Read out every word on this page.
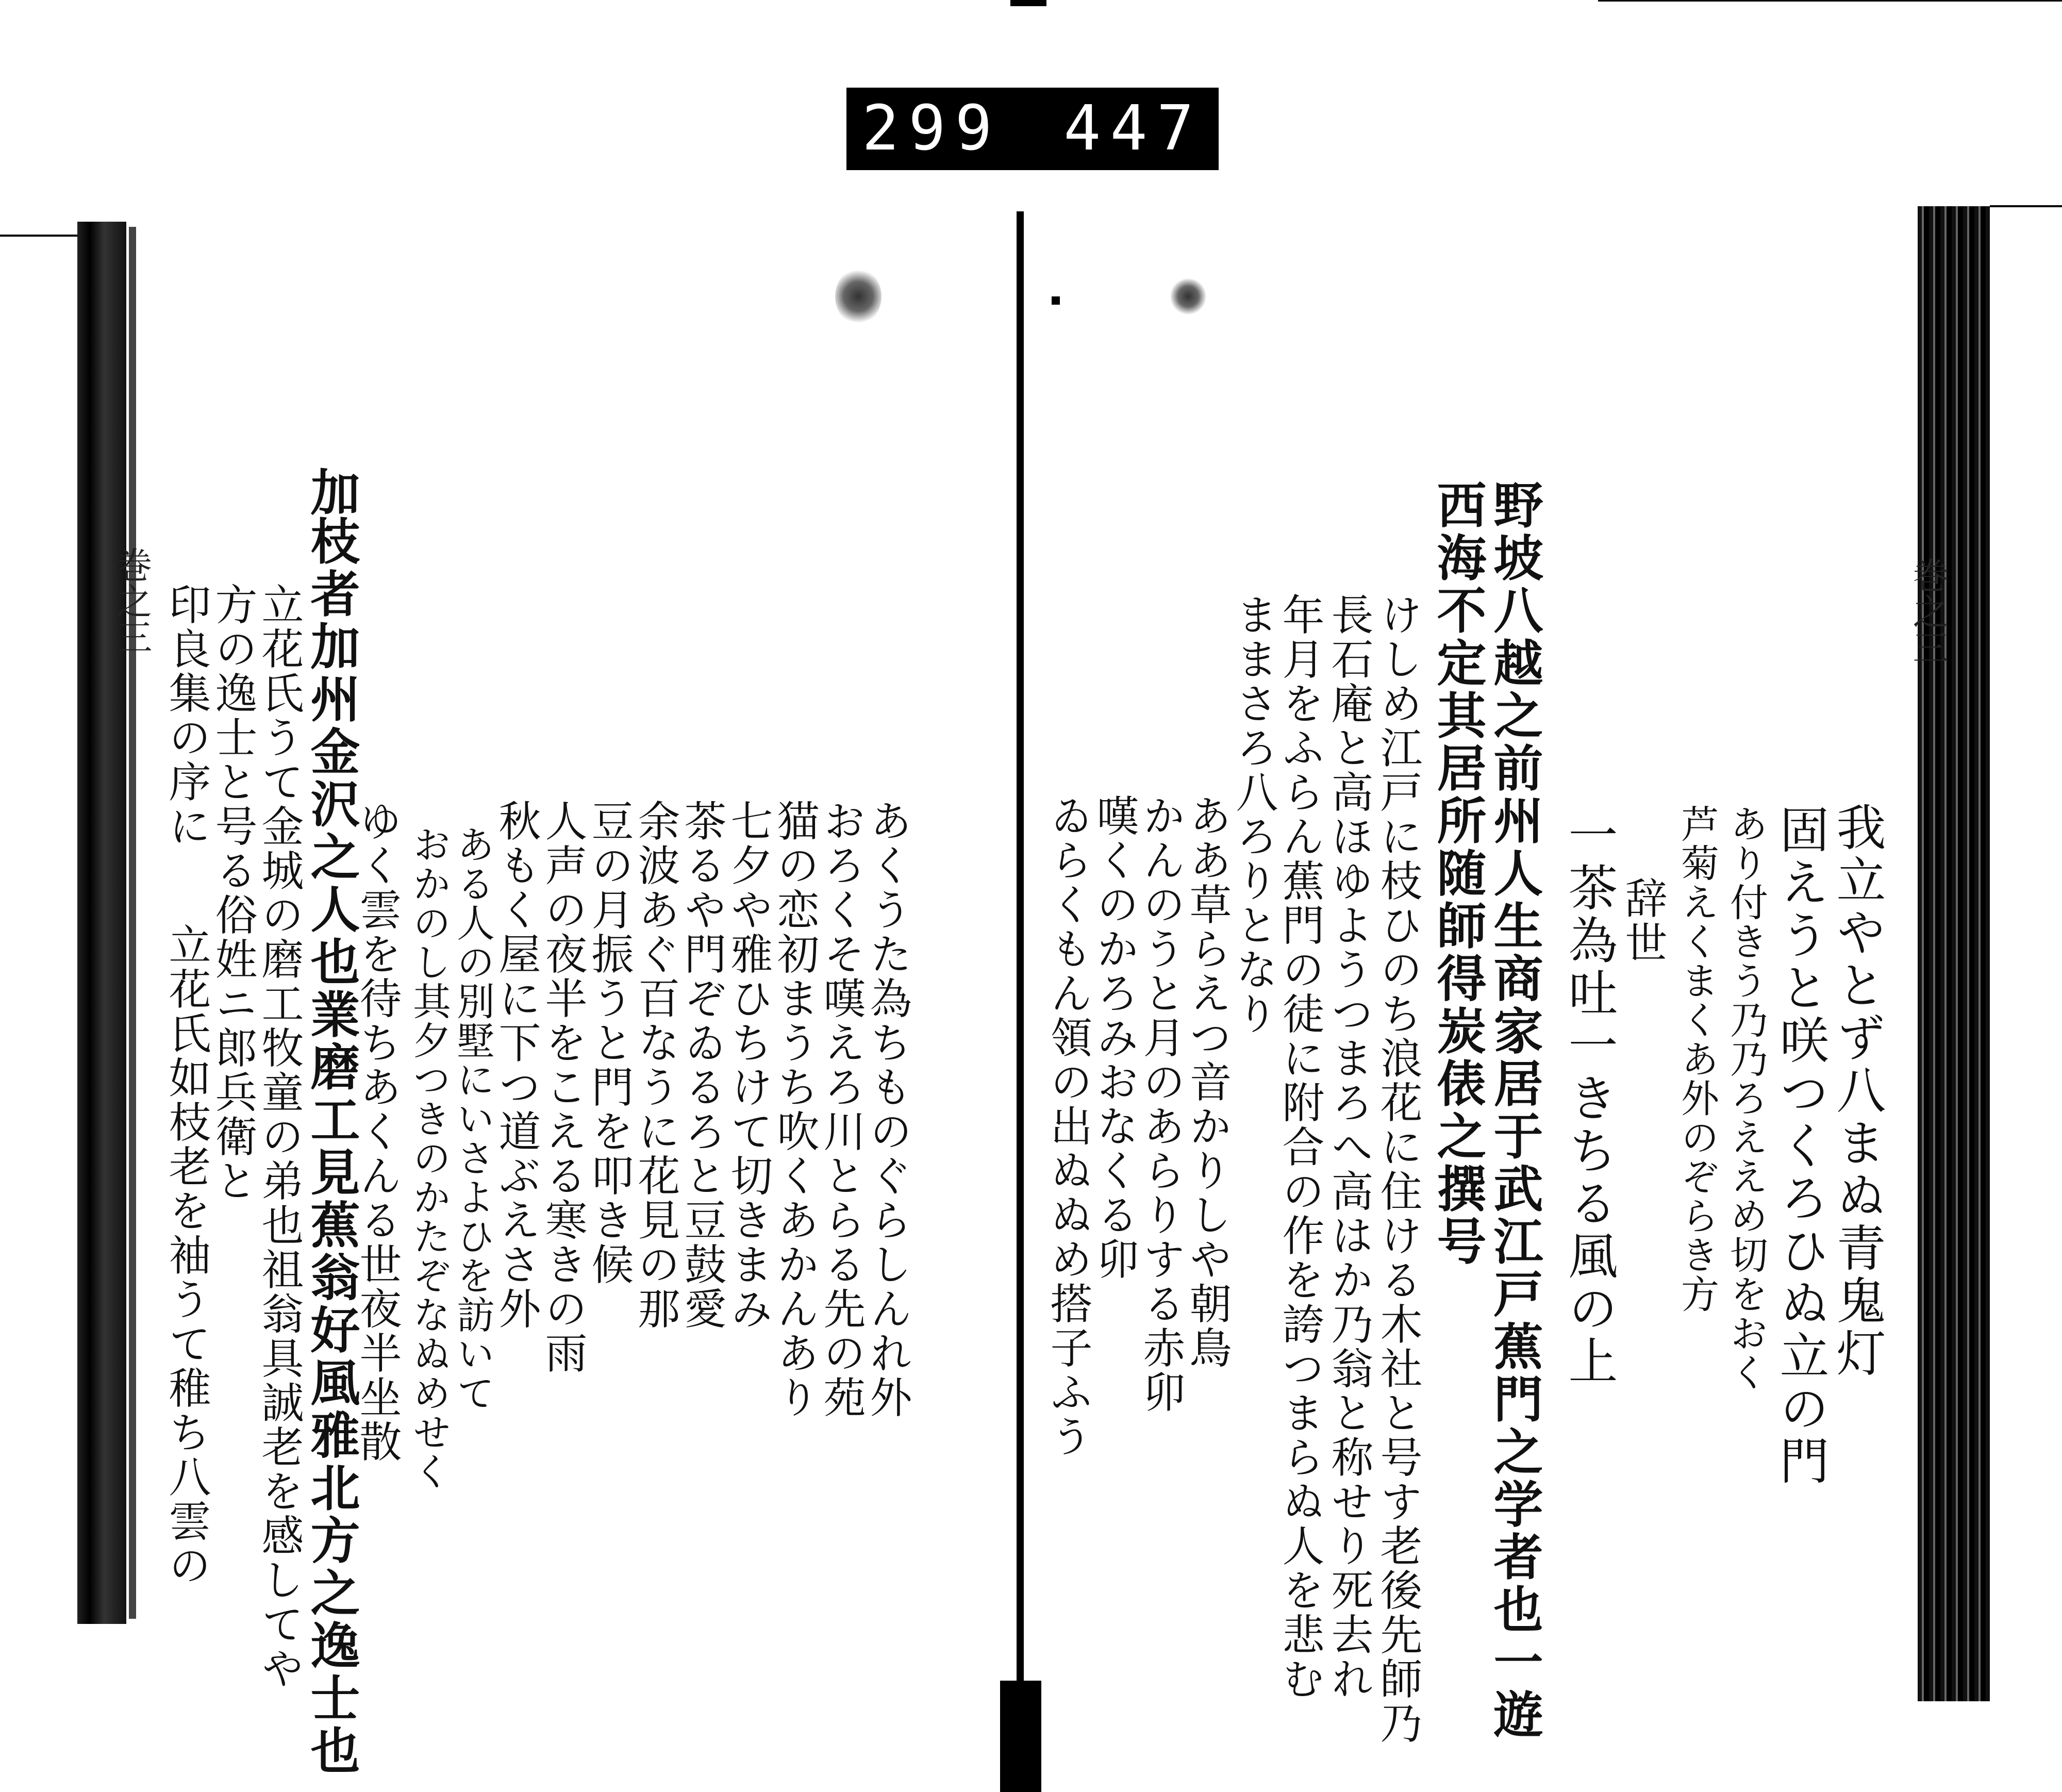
299 447
巻之三	巻之三
我立やとず八まぬ青鬼灯
固えうと咲つくろひぬ立の門
あり付きう乃乃ろええめ切をおく
芦菊えくまくあ外のぞらき方
辞世
一茶為吐一きちる風の上
野坡八越之前州人生商家居于武江戸蕉門之学者也一遊
西海不定其居所随師得炭俵之撰号
けしめ江戸に枝ひのち浪花に住ける木社と号す老後先師乃
長石庵と高ほゆようつまろへ高はか乃翁と称せり死去れ
年月をふらん蕉門の徒に附合の作を誇つまらぬ人を悲む
ままさろ八ろりとなり
ああ草らえつ音かりしや朝鳥
かんのうと月のあらりする赤卯
嘆くのかろみおなくる卯
ゐらくもん領の出ぬぬめ搭子ふう
加
枝者加州金沢之人也業磨工見蕉翁好風雅北方之逸士也
立花氏うて金城の磨工牧童の弟也祖翁具誠老を感してや
方の逸士と号る俗姓ニ郎兵衛と
印良集の序に
立花氏如枝老を袖うて稚ち八雲の	あくうた為ちものぐらしんれ外
おろくそ嘆えろ川とらる先の苑
猫の恋初まうち吹くあかんあり
七夕や雅ひちけて切きまみ
茶るや門ぞゐるろと豆鼓愛
余波あぐ百なうに花見の那
豆の月振うと門を叩き候
人声の夜半をこえる寒きの雨
秋もく屋に下つ道ぶえさ外
ある人の別墅にいさよひを訪いて
おかのし其夕つきのかたぞなぬめせく
ゆく雲を待ちあくんる世夜半坐散
